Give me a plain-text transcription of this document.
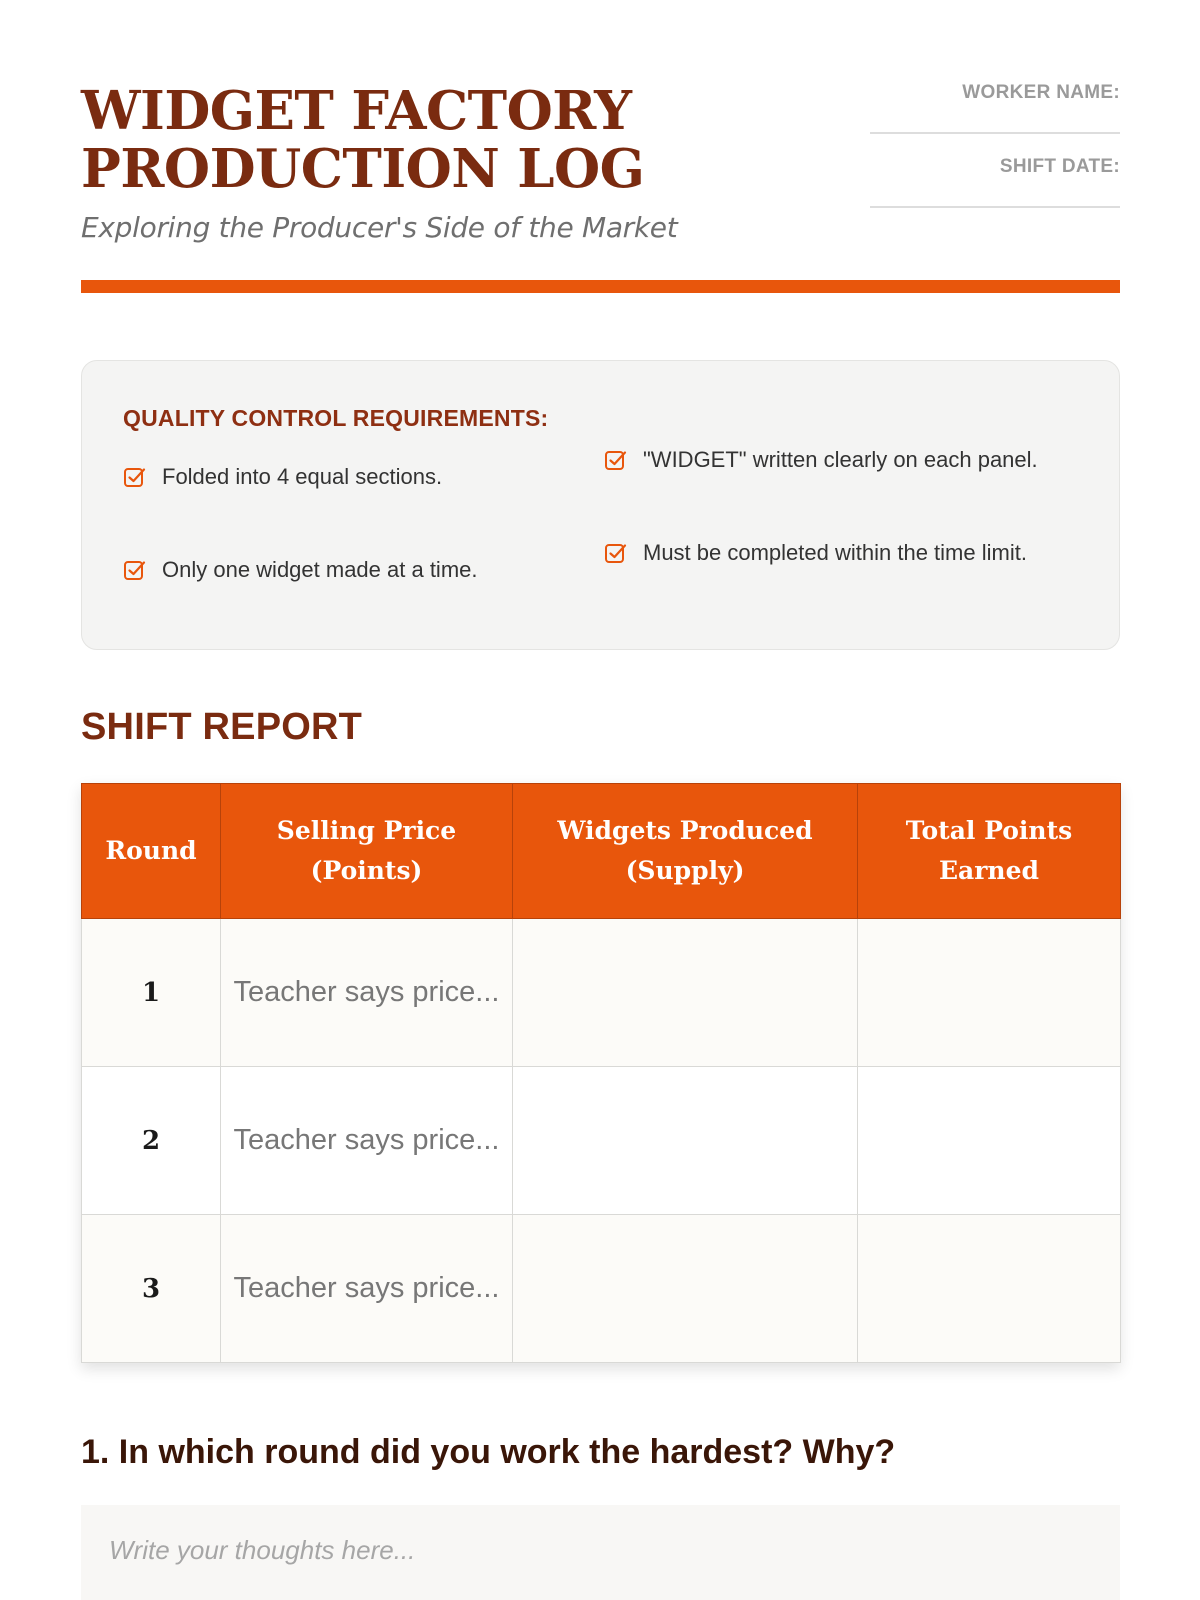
WIDGET FACTORY PRODUCTION LOG
Exploring the Producer's Side of the Market
WORKER NAME:
SHIFT DATE:
QUALITY CONTROL REQUIREMENTS:
Folded into 4 equal sections.
"WIDGET" written clearly on each panel.
Only one widget made at a time.
Must be completed within the time limit.
SHIFT REPORT
Round	Selling Price (Points)	Widgets Produced (Supply)	Total Points Earned
1	Teacher says price...		
2	Teacher says price...		
3	Teacher says price...		
1. In which round did you work the hardest? Why?
Write your thoughts here...
